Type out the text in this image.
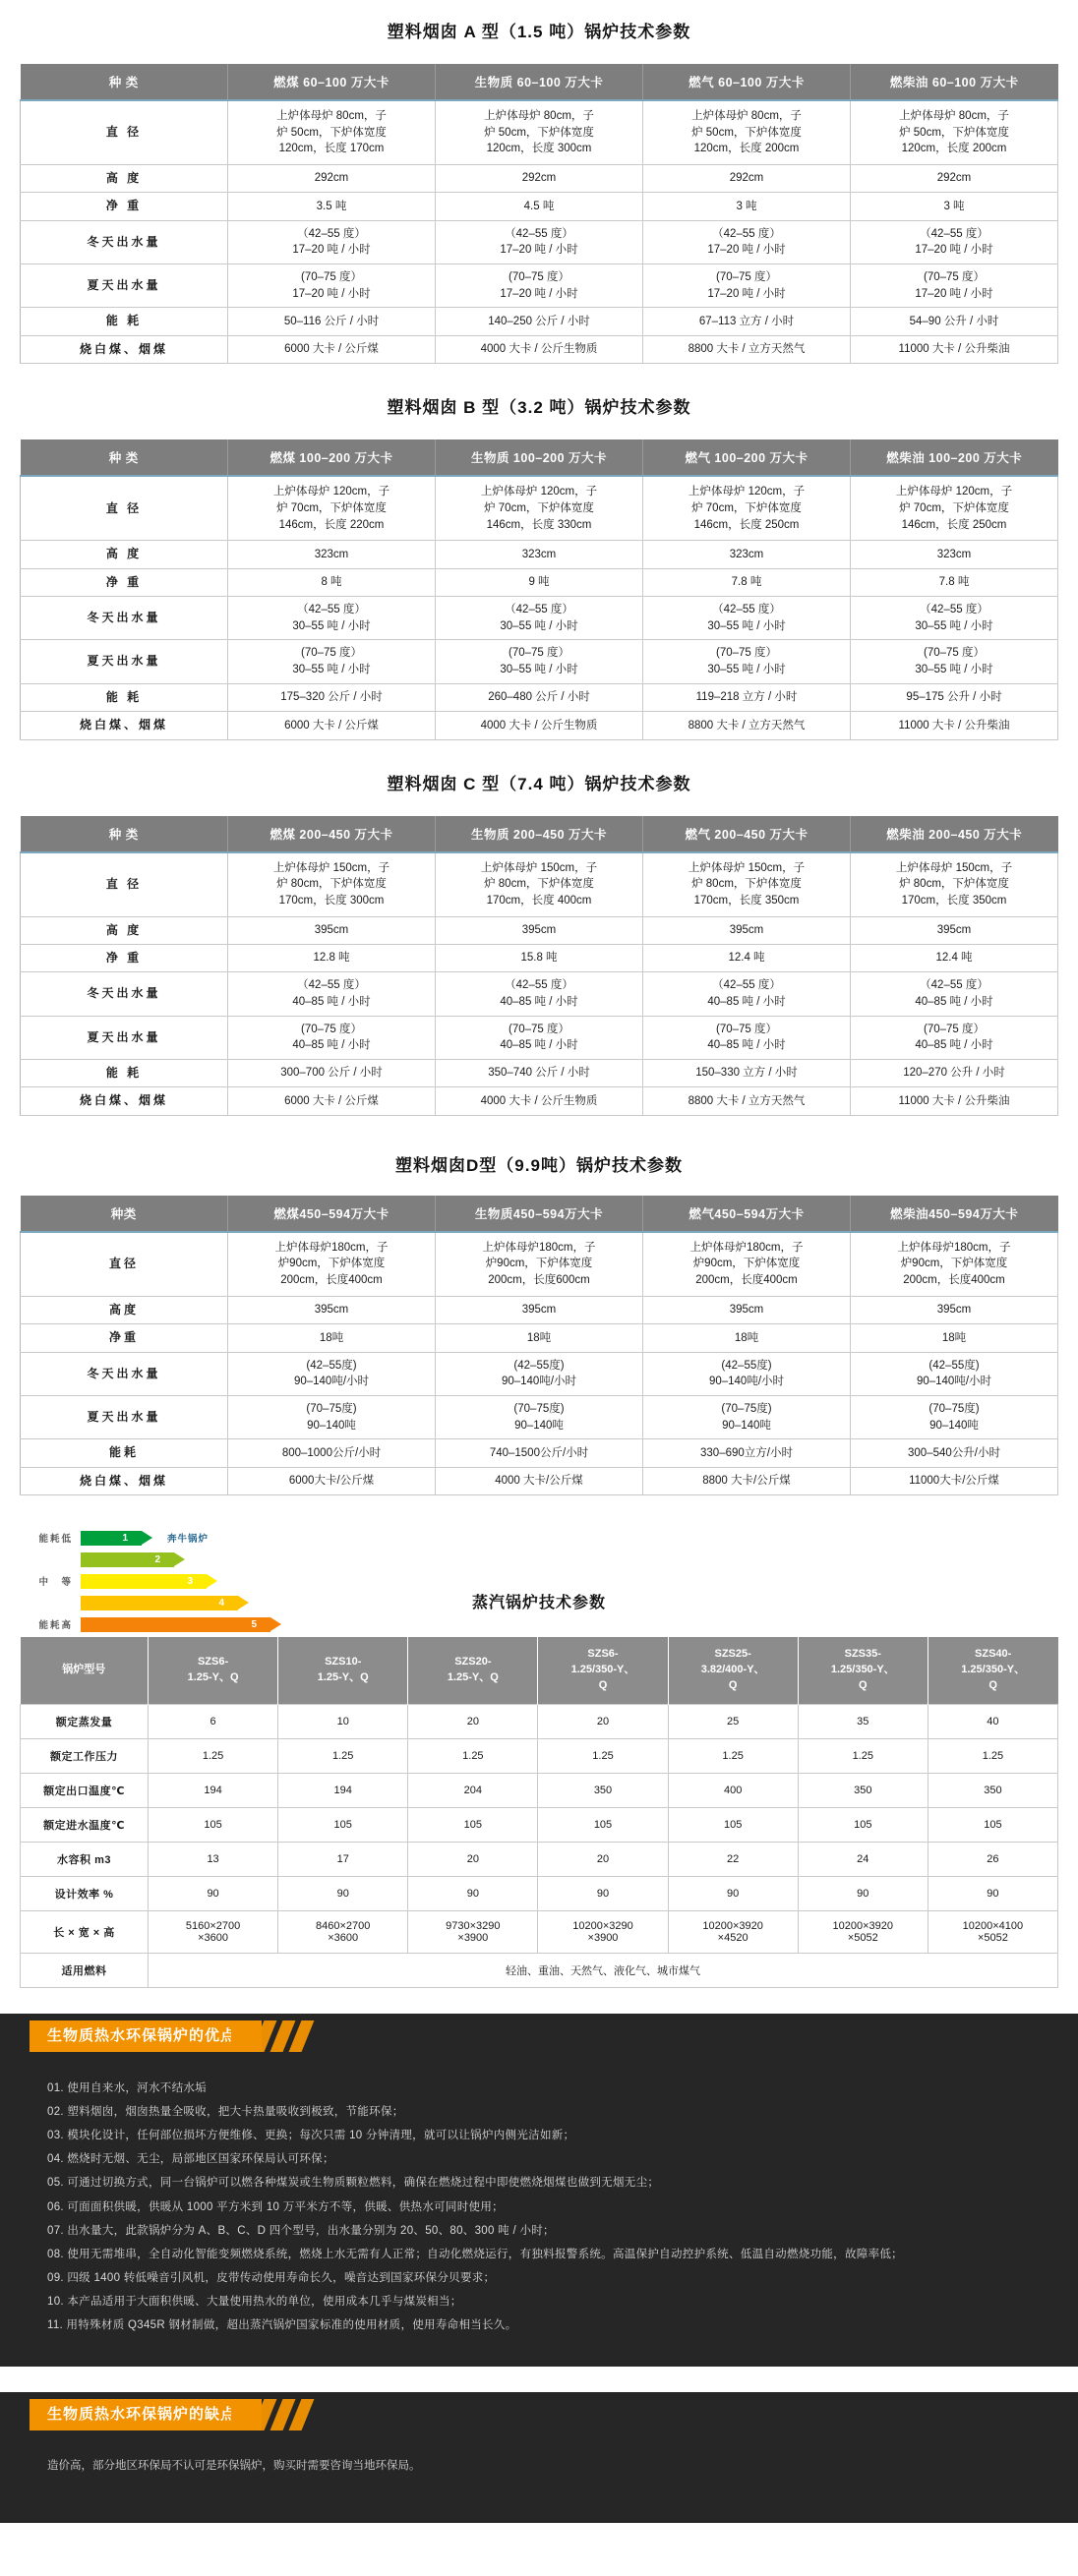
塑料烟囱 A 型（1.5 吨）锅炉技术参数
种 类	燃煤 60–100 万大卡	生物质 60–100 万大卡	燃气 60–100 万大卡	燃柴油 60–100 万大卡
直 径	上炉体母炉 80cm，子
炉 50cm，下炉体宽度
120cm，长度 170cm	上炉体母炉 80cm，子
炉 50cm，下炉体宽度
120cm，长度 300cm	上炉体母炉 80cm，子
炉 50cm，下炉体宽度
120cm，长度 200cm	上炉体母炉 80cm，子
炉 50cm，下炉体宽度
120cm，长度 200cm
高 度	292cm	292cm	292cm	292cm
净 重	3.5 吨	4.5 吨	3 吨	3 吨
冬天出水量	（42–55 度）
17–20 吨 / 小时	（42–55 度）
17–20 吨 / 小时	（42–55 度）
17–20 吨 / 小时	（42–55 度）
17–20 吨 / 小时
夏天出水量	(70–75 度）
17–20 吨 / 小时	(70–75 度）
17–20 吨 / 小时	(70–75 度）
17–20 吨 / 小时	(70–75 度）
17–20 吨 / 小时
能 耗	50–116 公斤 / 小时	140–250 公斤 / 小时	67–113 立方 / 小时	54–90 公升 / 小时
烧白煤、烟煤	6000 大卡 / 公斤煤	4000 大卡 / 公斤生物质	8800 大卡 / 立方天然气	11000 大卡 / 公升柴油
塑料烟囱 B 型（3.2 吨）锅炉技术参数
种 类	燃煤 100–200 万大卡	生物质 100–200 万大卡	燃气 100–200 万大卡	燃柴油 100–200 万大卡
直 径	上炉体母炉 120cm，子
炉 70cm，下炉体宽度
146cm，长度 220cm	上炉体母炉 120cm，子
炉 70cm，下炉体宽度
146cm，长度 330cm	上炉体母炉 120cm，子
炉 70cm，下炉体宽度
146cm，长度 250cm	上炉体母炉 120cm，子
炉 70cm，下炉体宽度
146cm，长度 250cm
高 度	323cm	323cm	323cm	323cm
净 重	8 吨	9 吨	7.8 吨	7.8 吨
冬天出水量	（42–55 度）
30–55 吨 / 小时	（42–55 度）
30–55 吨 / 小时	（42–55 度）
30–55 吨 / 小时	（42–55 度）
30–55 吨 / 小时
夏天出水量	(70–75 度）
30–55 吨 / 小时	(70–75 度）
30–55 吨 / 小时	(70–75 度）
30–55 吨 / 小时	(70–75 度）
30–55 吨 / 小时
能 耗	175–320 公斤 / 小时	260–480 公斤 / 小时	119–218 立方 / 小时	95–175 公升 / 小时
烧白煤、烟煤	6000 大卡 / 公斤煤	4000 大卡 / 公斤生物质	8800 大卡 / 立方天然气	11000 大卡 / 公升柴油
塑料烟囱 C 型（7.4 吨）锅炉技术参数
种 类	燃煤 200–450 万大卡	生物质 200–450 万大卡	燃气 200–450 万大卡	燃柴油 200–450 万大卡
直 径	上炉体母炉 150cm，子
炉 80cm，下炉体宽度
170cm，长度 300cm	上炉体母炉 150cm，子
炉 80cm，下炉体宽度
170cm，长度 400cm	上炉体母炉 150cm，子
炉 80cm，下炉体宽度
170cm，长度 350cm	上炉体母炉 150cm，子
炉 80cm，下炉体宽度
170cm，长度 350cm
高 度	395cm	395cm	395cm	395cm
净 重	12.8 吨	15.8 吨	12.4 吨	12.4 吨
冬天出水量	（42–55 度）
40–85 吨 / 小时	（42–55 度）
40–85 吨 / 小时	（42–55 度）
40–85 吨 / 小时	（42–55 度）
40–85 吨 / 小时
夏天出水量	(70–75 度）
40–85 吨 / 小时	(70–75 度）
40–85 吨 / 小时	(70–75 度）
40–85 吨 / 小时	(70–75 度）
40–85 吨 / 小时
能 耗	300–700 公斤 / 小时	350–740 公斤 / 小时	150–330 立方 / 小时	120–270 公升 / 小时
烧白煤、烟煤	6000 大卡 / 公斤煤	4000 大卡 / 公斤生物质	8800 大卡 / 立方天然气	11000 大卡 / 公升柴油
塑料烟囱D型（9.9吨）锅炉技术参数
种类	燃煤450–594万大卡	生物质450–594万大卡	燃气450–594万大卡	燃柴油450–594万大卡
直径	上炉体母炉180cm，子
炉90cm，下炉体宽度
200cm，长度400cm	上炉体母炉180cm，子
炉90cm，下炉体宽度
200cm，长度600cm	上炉体母炉180cm，子
炉90cm，下炉体宽度
200cm，长度400cm	上炉体母炉180cm，子
炉90cm，下炉体宽度
200cm，长度400cm
高度	395cm	395cm	395cm	395cm
净重	18吨	18吨	18吨	18吨
冬天出水量	(42–55度)
90–140吨/小时	(42–55度)
90–140吨/小时	(42–55度)
90–140吨/小时	(42–55度)
90–140吨/小时
夏天出水量	(70–75度)
90–140吨	(70–75度)
90–140吨	(70–75度)
90–140吨	(70–75度)
90–140吨
能耗	800–1000公斤/小时	740–1500公斤/小时	330–690立方/小时	300–540公升/小时
烧白煤、烟煤	6000大卡/公斤煤	4000 大卡/公斤煤	8800 大卡/公斤煤	11000大卡/公斤煤
能耗低	1	奔牛锅炉
2
中　等	3
4
能耗高	5
蒸汽锅炉技术参数
锅炉型号	SZS6-
1.25-Y、Q	SZS10-
1.25-Y、Q	SZS20-
1.25-Y、Q	SZS6-
1.25/350-Y、
Q	SZS25-
3.82/400-Y、
Q	SZS35-
1.25/350-Y、
Q	SZS40-
1.25/350-Y、
Q
额定蒸发量	6	10	20	20	25	35	40
额定工作压力	1.25	1.25	1.25	1.25	1.25	1.25	1.25
额定出口温度℃	194	194	204	350	400	350	350
额定进水温度℃	105	105	105	105	105	105	105
水容积 m3	13	17	20	20	22	24	26
设计效率 %	90	90	90	90	90	90	90
长 × 宽 × 高	5160×2700
×3600	8460×2700
×3600	9730×3290
×3900	10200×3290
×3900	10200×3920
×4520	10200×3920
×5052	10200×4100
×5052
适用燃料	轻油、重油、天然气、液化气、城市煤气						
生物质热水环保锅炉的优点
01. 使用自来水，河水不结水垢
02. 塑料烟囱，烟囱热量全吸收，把大卡热量吸收到极致，节能环保；
03. 模块化设计，任何部位损坏方便维修、更换；每次只需 10 分钟清理，就可以让锅炉内侧光洁如新；
04. 燃烧时无烟、无尘，局部地区国家环保局认可环保；
05. 可通过切换方式，同一台锅炉可以燃各种煤炭或生物质颗粒燃料，确保在燃烧过程中即使燃烧烟煤也做到无烟无尘；
06. 可面面积供暖，供暖从 1000 平方米到 10 万平米方不等，供暖、供热水可同时使用；
07. 出水量大，此款锅炉分为 A、B、C、D 四个型号，出水量分别为 20、50、80、300 吨 / 小时；
08. 使用无需堆串，全自动化智能变频燃烧系统，燃烧上水无需有人正常；自动化燃烧运行，有独料报警系统。高温保护自动控护系统、低温自动燃烧功能，故障率低；
09. 四级 1400 转低噪音引风机，皮带传动使用寿命长久，噪音达到国家环保分贝要求；
10. 本产品适用于大面积供暖、大量使用热水的单位，使用成本几乎与煤炭相当；
11. 用特殊材质 Q345R 钢材制做，超出蒸汽锅炉国家标准的使用材质，使用寿命相当长久。
生物质热水环保锅炉的缺点
造价高，部分地区环保局不认可是环保锅炉，购买时需要咨询当地环保局。
